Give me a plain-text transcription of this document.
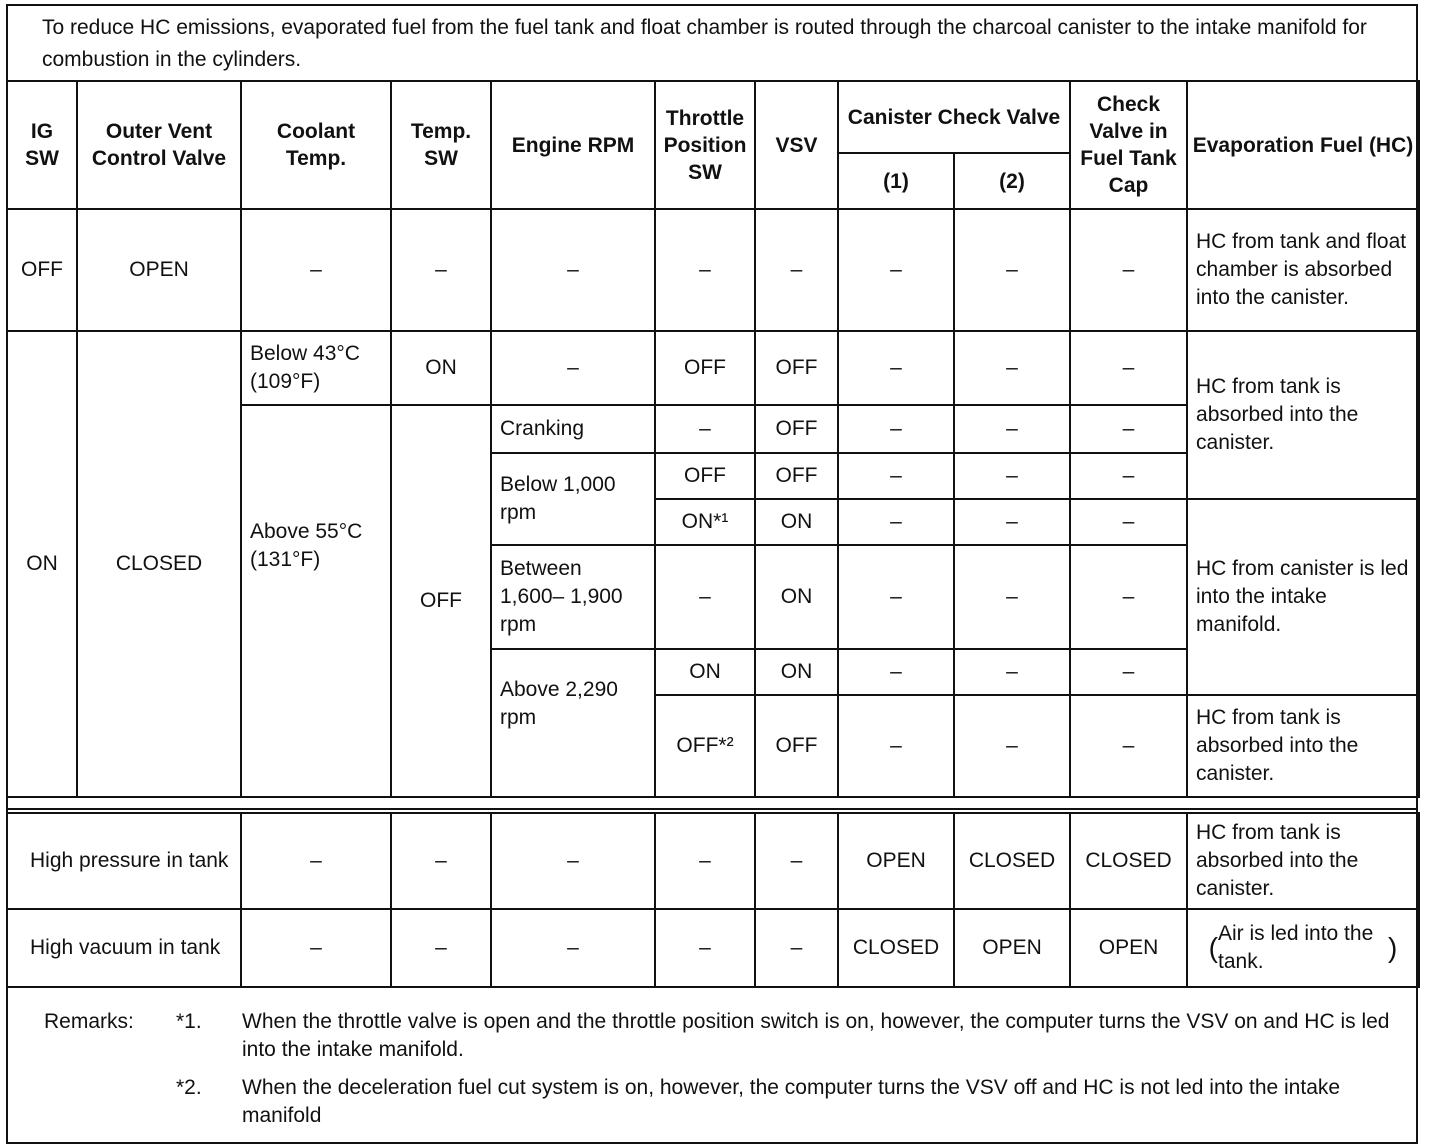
To reduce HC emissions, evaporated fuel from the fuel tank and float chamber is routed through the charcoal canister to the intake manifold for combustion in the cylinders.
IG SW	Outer Vent Control Valve	Coolant Temp.	Temp. SW	Engine RPM	Throttle Position SW	VSV	Canister Check Valve		Check Valve in Fuel Tank Cap	Evaporation Fuel (HC)
							(1)	(2)		
OFF	OPEN	–	–	–	–	–	–	–	–	HC from tank and float chamber is absorbed into the canister.
ON	CLOSED	Below 43°C (109°F)	ON	–	OFF	OFF	–	–	–	HC from tank is absorbed into the canister.
		Above 55°C (131°F)	OFF	Cranking	–	OFF	–	–	–	
				Below 1,000 rpm	OFF	OFF	–	–	–	
					ON*¹	ON	–	–	–	HC from canister is led into the intake manifold.
				Between 1,600– 1,900 rpm	–	ON	–	–	–	
				Above 2,290 rpm	ON	ON	–	–	–	
					OFF*²	OFF	–	–	–	HC from tank is absorbed into the canister.
High pressure in tank	–	–	–	–	–	OPEN	CLOSED	CLOSED	HC from tank is absorbed into the canister.
High vacuum in tank	–	–	–	–	–	CLOSED	OPEN	OPEN	(Air is led into the tank. )
Remarks: *1. When the throttle valve is open and the throttle position switch is on, however, the computer turns the VSV on and HC is led into the intake manifold.
*2. When the deceleration fuel cut system is on, however, the computer turns the VSV off and HC is not led into the intake manifold
